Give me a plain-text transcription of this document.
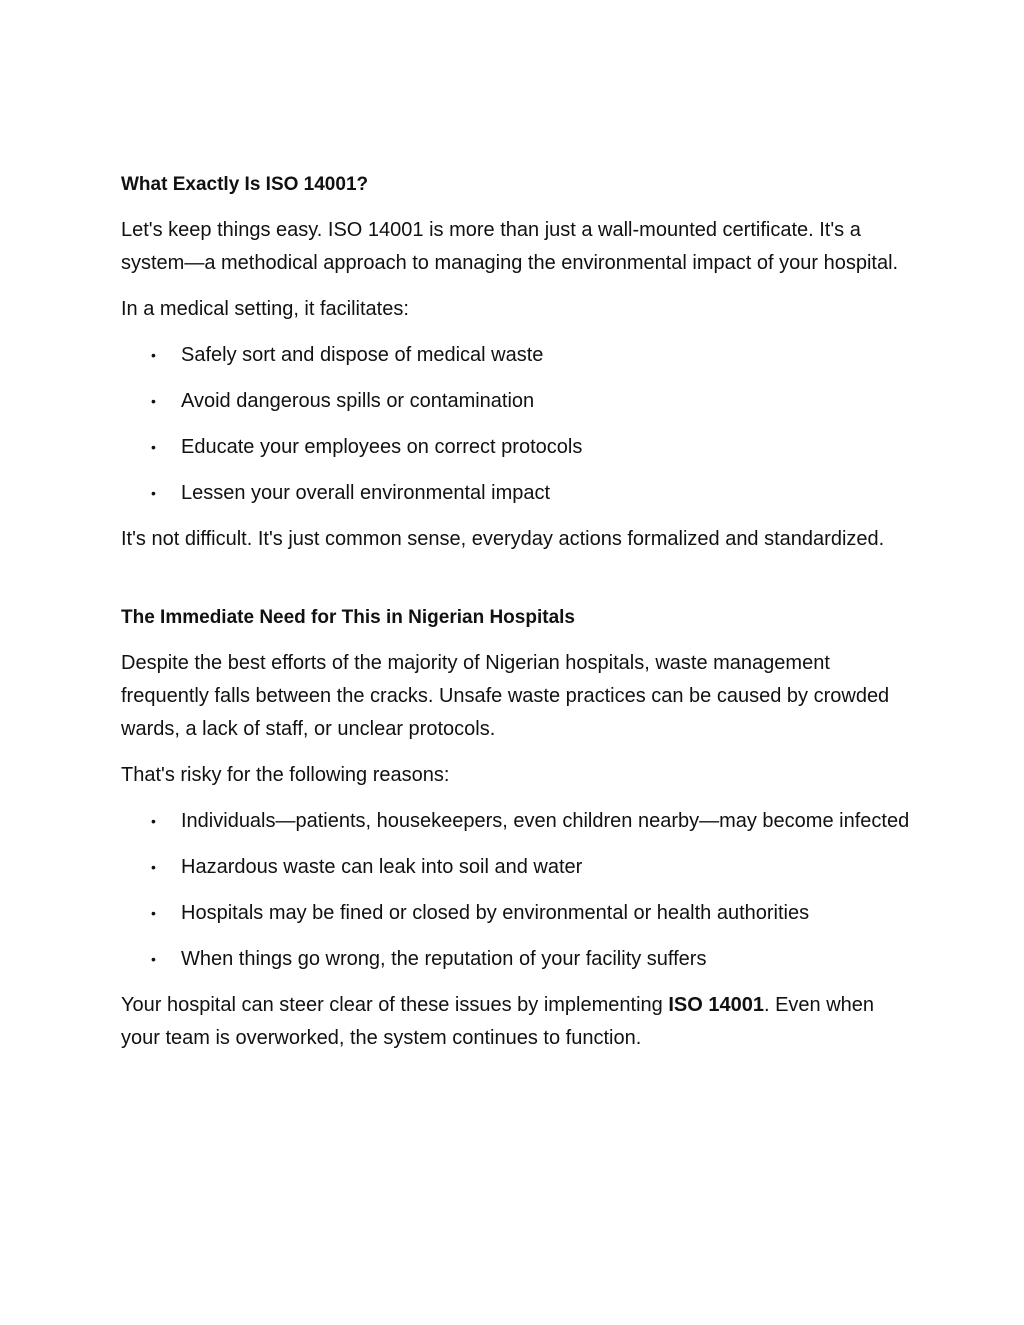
What Exactly Is ISO 14001?

Let's keep things easy. ISO 14001 is more than just a wall-mounted certificate. It's a system—a methodical approach to managing the environmental impact of your hospital.

In a medical setting, it facilitates:

• Safely sort and dispose of medical waste
• Avoid dangerous spills or contamination
• Educate your employees on correct protocols
• Lessen your overall environmental impact

It's not difficult. It's just common sense, everyday actions formalized and standardized.

The Immediate Need for This in Nigerian Hospitals

Despite the best efforts of the majority of Nigerian hospitals, waste management frequently falls between the cracks. Unsafe waste practices can be caused by crowded wards, a lack of staff, or unclear protocols.

That's risky for the following reasons:

• Individuals—patients, housekeepers, even children nearby—may become infected
• Hazardous waste can leak into soil and water
• Hospitals may be fined or closed by environmental or health authorities
• When things go wrong, the reputation of your facility suffers

Your hospital can steer clear of these issues by implementing ISO 14001. Even when your team is overworked, the system continues to function.
